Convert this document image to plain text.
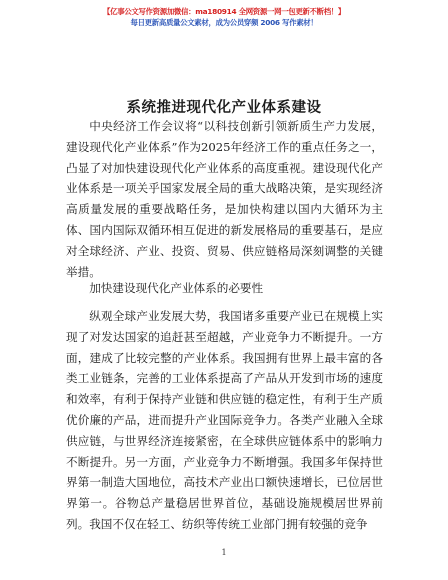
【亿事公文写作资源加微信：ma180914 全网资源一网一包更新不断档！】
每日更新高质量公文素材，成为公员穿频 2006 写作素材！
系统推进现代化产业体系建设

中央经济工作会议将“以科技创新引领新质生产力发展，建设现代化产业体系”作为2025年经济工作的重点任务之一，凸显了对加快建设现代化产业体系的高度重视。建设现代化产业体系是一项关乎国家发展全局的重大战略决策，是实现经济高质量发展的重要战略任务，是加快构建以国内大循环为主体、国内国际双循环相互促进的新发展格局的重要基石，是应对全球经济、产业、投资、贸易、供应链格局深刻调整的关键举措。

加快建设现代化产业体系的必要性

纵观全球产业发展大势，我国诸多重要产业已在规模上实现了对发达国家的追赶甚至超越，产业竞争力不断提升。一方面，建成了比较完整的产业体系。我国拥有世界上最丰富的各类工业链条，完善的工业体系提高了产品从开发到市场的速度和效率，有利于保持产业链和供应链的稳定性，有利于生产质优价廉的产品，进而提升产业国际竞争力。各类产业融入全球供应链，与世界经济连接紧密，在全球供应链体系中的影响力不断提升。另一方面，产业竞争力不断增强。我国多年保持世界第一制造大国地位，高技术产业出口额快速增长，已位居世界第一。谷物总产量稳居世界首位，基础设施规模居世界前列。我国不仅在轻工、纺织等传统工业部门拥有较强的竞争

1
